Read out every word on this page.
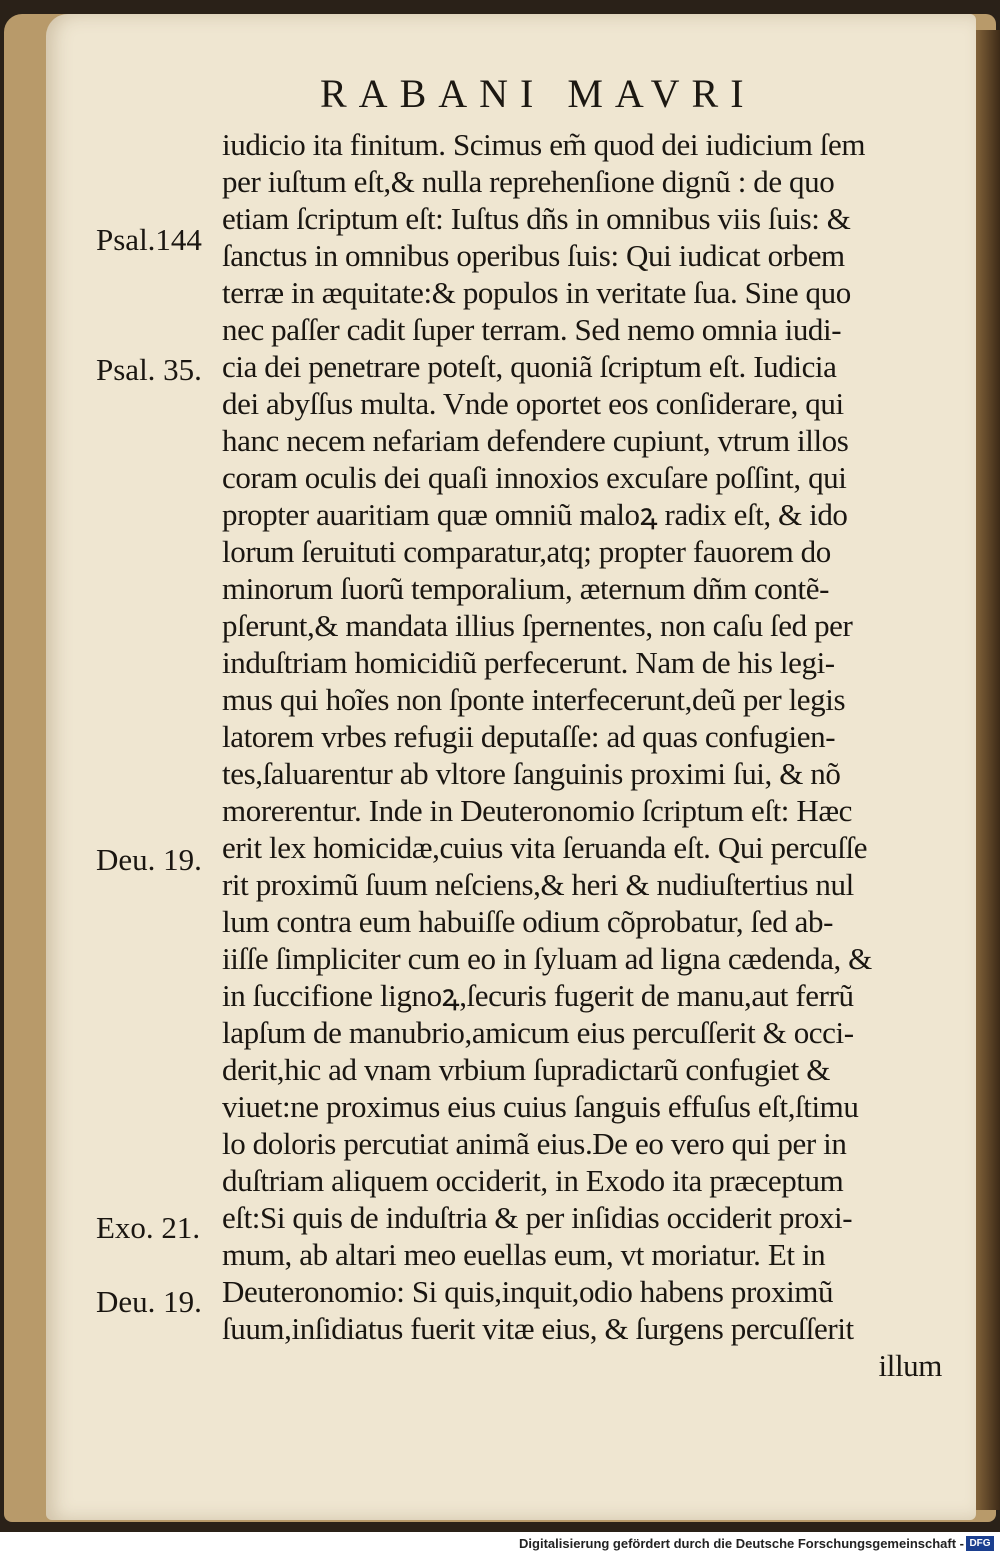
RABANI MAVRI
Psal.144
Psal. 35.
Deu. 19.
Exo. 21.
Deu. 19.
iudicio ita finitum. Scimus em̃ quod dei iudicium ſem
per iuſtum eſt,& nulla reprehenſione dignũ : de quo
etiam ſcriptum eſt: Iuſtus dñs in omnibus viis ſuis: &
ſanctus in omnibus operibus ſuis: Qui iudicat orbem
terræ in æquitate:& populos in veritate ſua. Sine quo
nec paſſer cadit ſuper terram. Sed nemo omnia iudi-
cia dei penetrare poteſt, quoniã ſcriptum eſt. Iudicia
dei abyſſus multa. Vnde oportet eos conſiderare, qui
hanc necem nefariam defendere cupiunt, vtrum illos
coram oculis dei quaſi innoxios excuſare poſſint, qui
propter auaritiam quæ omniũ maloꝝ radix eſt, & ido
lorum ſeruituti comparatur,atq; propter fauorem do
minorum ſuorũ temporalium, æternum dñm contẽ-
pſerunt,& mandata illius ſpernentes, non caſu ſed per
induſtriam homicidiũ perfecerunt. Nam de his legi-
mus qui hoĩes non ſponte interfecerunt,deũ per legis
latorem vrbes refugii deputaſſe: ad quas confugien-
tes,ſaluarentur ab vltore ſanguinis proximi ſui, & nõ
morerentur. Inde in Deuteronomio ſcriptum eſt: Hæc
erit lex homicidæ,cuius vita ſeruanda eſt. Qui percuſſe
rit proximũ ſuum neſciens,& heri & nudiuſtertius nul
lum contra eum habuiſſe odium cõprobatur, ſed ab-
iiſſe ſimpliciter cum eo in ſyluam ad ligna cædenda, &
in ſuccifione lignoꝝ,ſecuris fugerit de manu,aut ferrũ
lapſum de manubrio,amicum eius percuſſerit & occi-
derit,hic ad vnam vrbium ſupradictarũ confugiet &
viuet:ne proximus eius cuius ſanguis effuſus eſt,ſtimu
lo doloris percutiat animã eius.De eo vero qui per in
duſtriam aliquem occiderit, in Exodo ita præceptum
eſt:Si quis de induſtria & per inſidias occiderit proxi-
mum, ab altari meo euellas eum, vt moriatur. Et in
Deuteronomio: Si quis,inquit,odio habens proximũ
ſuum,inſidiatus fuerit vitæ eius, & ſurgens percuſſerit
illum
Digitalisierung gefördert durch die Deutsche Forschungsgemeinschaft - DFG
